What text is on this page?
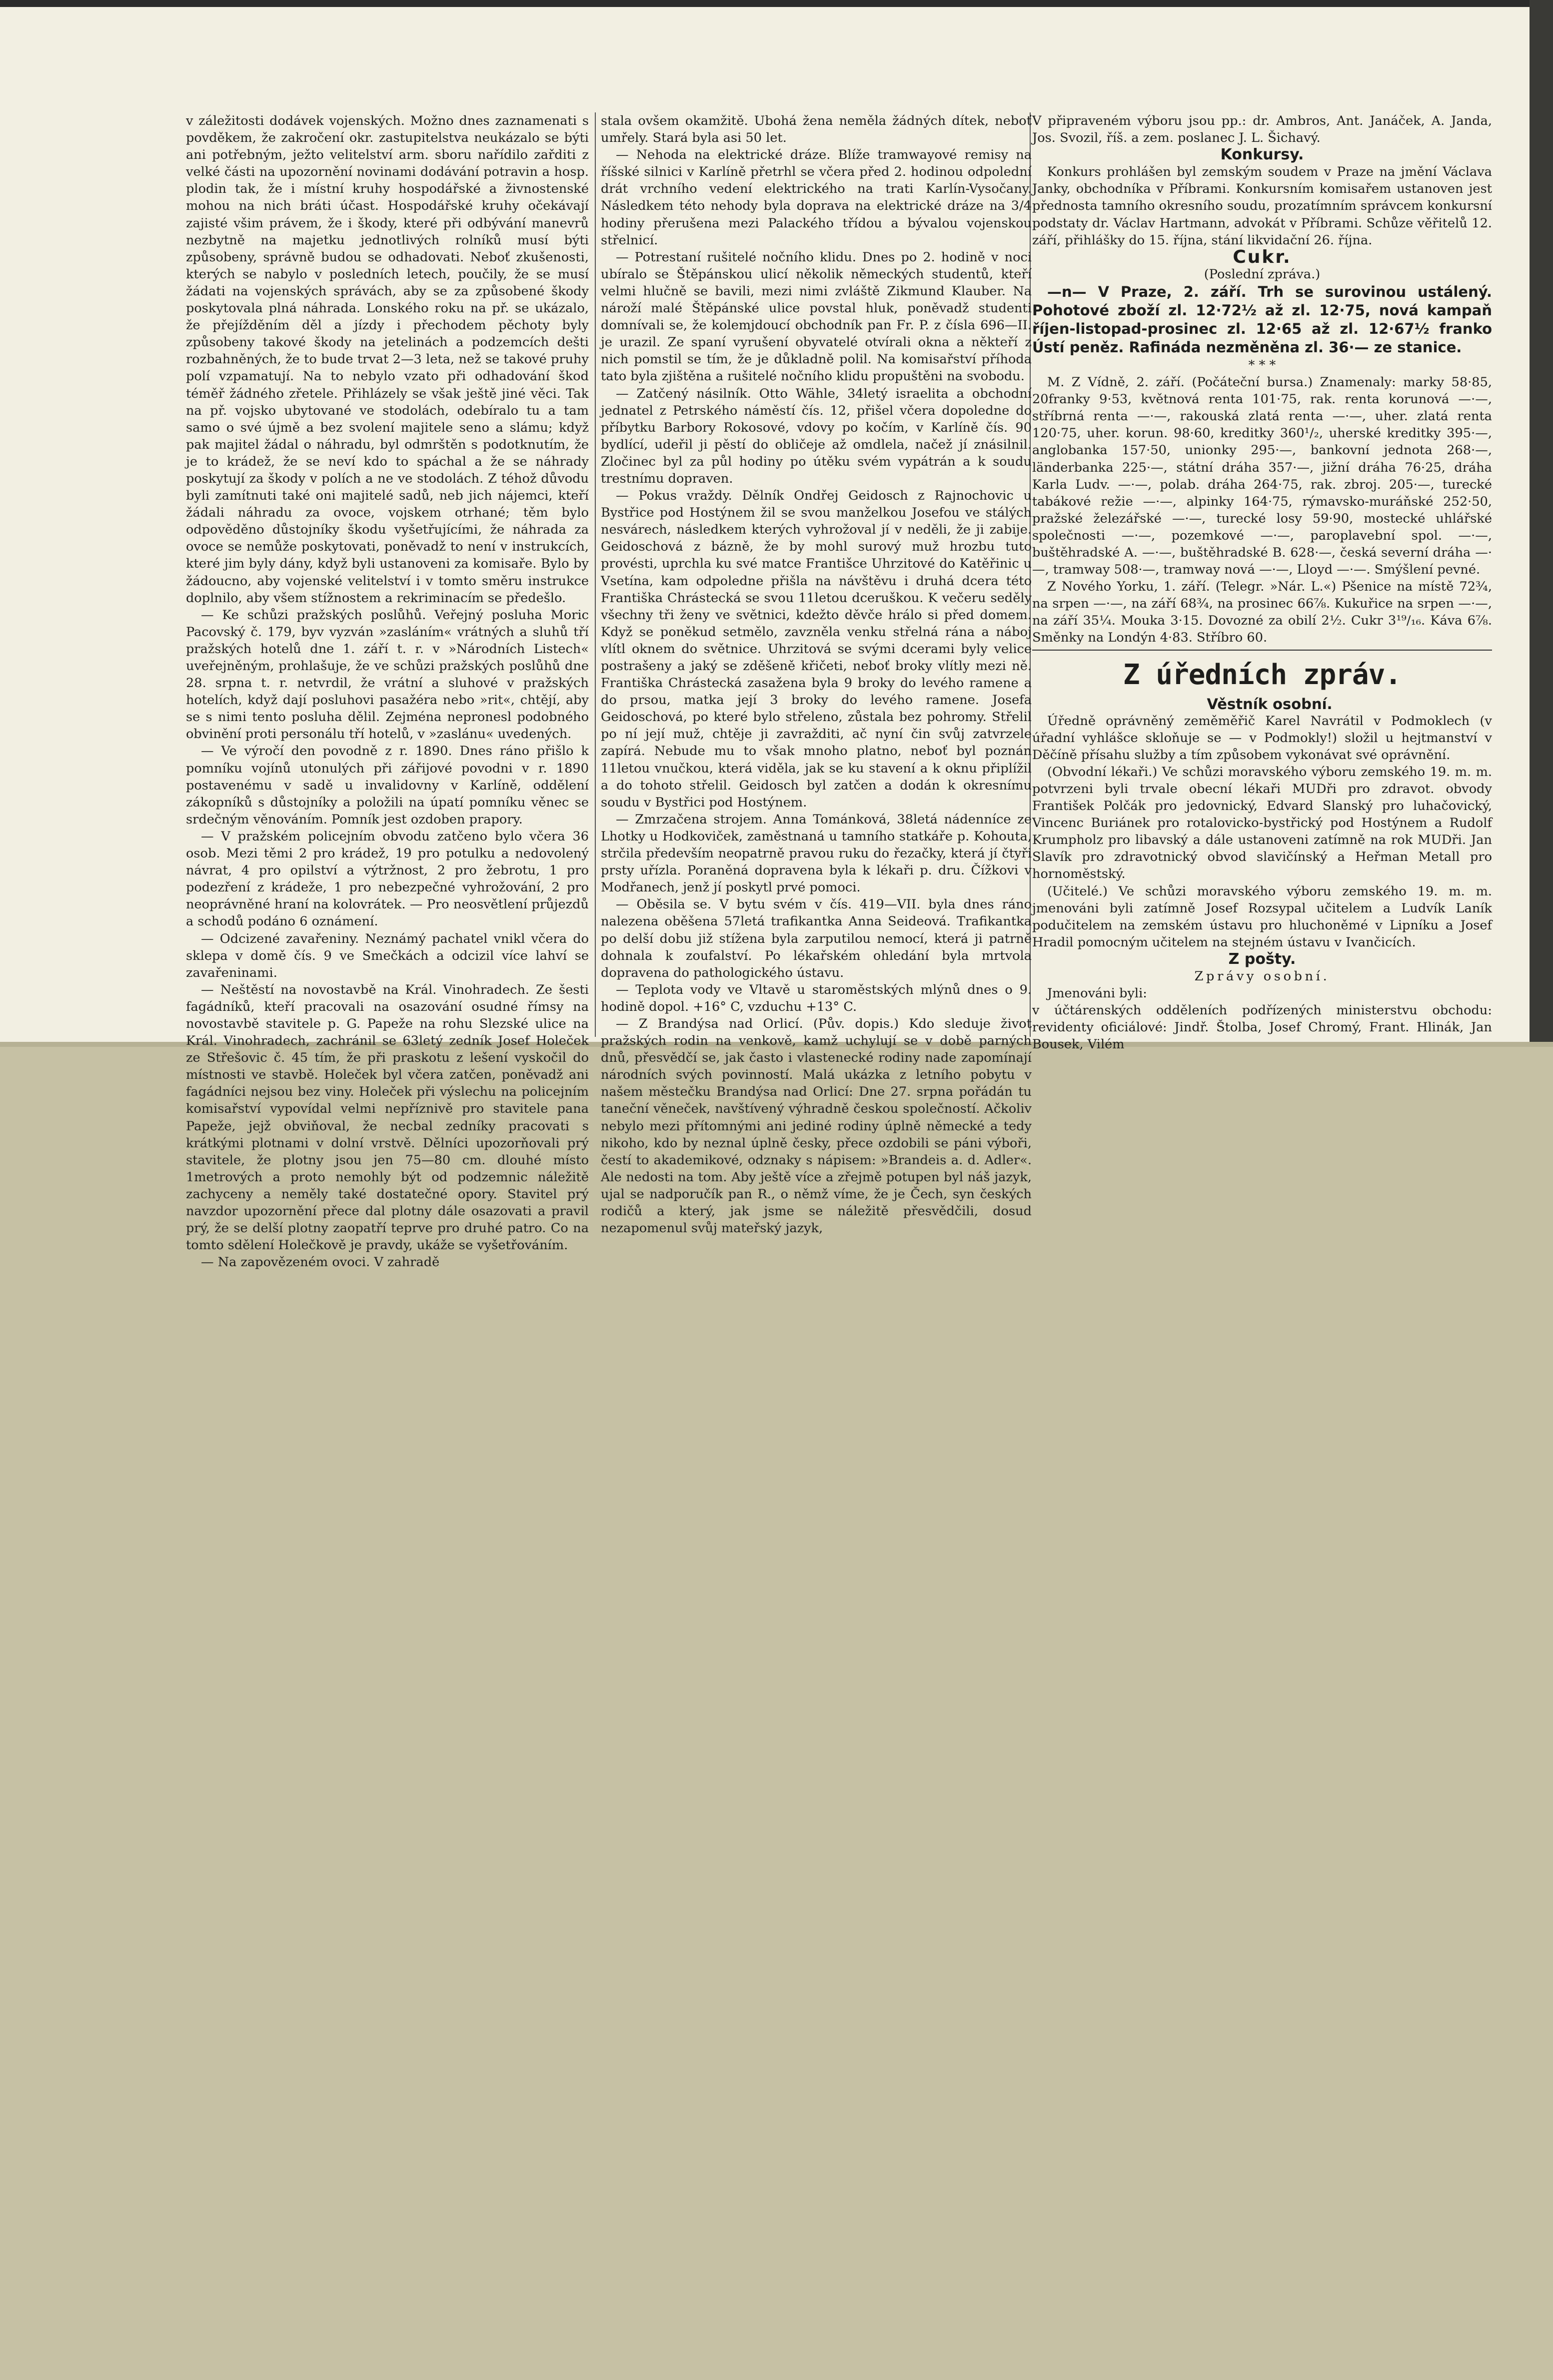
v záležitosti dodávek vojenských. Možno dnes zaznamenati s povděkem, že zakročení okr. zastupitelstva neukázalo se býti ani potřebným, ježto velitelství arm. sboru nařídilo zařditi z velké části na upozornění novinami dodávání potravin a hosp. plodin tak, že i místní kruhy hospodářské a živnostenské mohou na nich bráti účast. Hospodářské kruhy očekávají zajisté všim právem, že i škody, které při odbývání manevrů nezbytně na majetku jednotlivých rolníků musí býti způsobeny, správně budou se odhadovati. Neboť zkušenosti, kterých se nabylo v posledních letech, poučily, že se musí žádati na vojenských správách, aby se za způsobené škody poskytovala plná náhrada. Lonského roku na př. se ukázalo, že přejížděním děl a jízdy i přechodem pěchoty byly způsobeny takové škody na jetelinách a podzemcích dešti rozbahněných, že to bude trvat 2—3 leta, než se takové pruhy polí vzpamatují. Na to nebylo vzato při odhadování škod téměř žádného zřetele. Přihlázely se však ještě jiné věci. Tak na př. vojsko ubytované ve stodolách, odebíralo tu a tam samo o své újmě a bez svolení majitele seno a slámu; když pak majitel žádal o náhradu, byl odmrštěn s podotknutím, že je to krádež, že se neví kdo to spáchal a že se náhrady poskytují za škody v polích a ne ve stodolách. Z téhož důvodu byli zamítnuti také oni majitelé sadů, neb jich nájemci, kteří žádali náhradu za ovoce, vojskem otrhané; těm bylo odpověděno důstojníky škodu vyšetřujícími, že náhrada za ovoce se nemůže poskytovati, poněvadž to není v instrukcích, které jim byly dány, když byli ustanoveni za komisaře. Bylo by žádoucno, aby vojenské velitelství i v tomto směru instrukce doplnilo, aby všem stížnostem a rekriminacím se předešlo.

— Ke schůzi pražských poslůhů. Veřejný posluha Moric Pacovský č. 179, byv vyzván »zasláním« vrátných a sluhů tří pražských hotelů dne 1. září t. r. v »Národních Listech« uveřejněným, prohlašuje, že ve schůzi pražských poslůhů dne 28. srpna t. r. netvrdil, že vrátní a sluhové v pražských hotelích, když dají posluhovi pasažéra nebo »rit«, chtějí, aby se s nimi tento posluha dělil. Zejména nepronesl podobného obvinění proti personálu tří hotelů, v »zaslánu« uvedených.

— Ve výročí den povodně z r. 1890. Dnes ráno přišlo k pomníku vojínů utonulých při zářijové povodni v r. 1890 postavenému v sadě u invalidovny v Karlíně, oddělení zákopníků s důstojníky a položili na úpatí pomníku věnec se srdečným věnováním. Pomník jest ozdoben prapory.

— V pražském policejním obvodu zatčeno bylo včera 36 osob. Mezi těmi 2 pro krádež, 19 pro potulku a nedovolený návrat, 4 pro opilství a výtržnost, 2 pro žebrotu, 1 pro podezření z krádeže, 1 pro nebezpečné vyhrožování, 2 pro neoprávněné hraní na kolovrátek. — Pro neosvětlení průjezdů a schodů podáno 6 oznámení.

— Odcizené zavařeniny. Neznámý pachatel vnikl včera do sklepa v domě čís. 9 ve Smečkách a odcizil více lahví se zavařeninami.

— Neštěstí na novostavbě na Král. Vinohradech. Ze šesti fagádníků, kteří pracovali na osazování osudné římsy na novostavbě stavitele p. G. Papeže na rohu Slezské ulice na Král. Vinohradech, zachránil se 63letý zedník Josef Holeček ze Střešovic č. 45 tím, že při praskotu z lešení vyskočil do místnosti ve stavbě. Holeček byl včera zatčen, poněvadž ani fagádníci nejsou bez viny. Holeček při výslechu na policejním komisařství vypovídal velmi nepříznivě pro stavitele pana Papeže, jejž obviňoval, že necbal zedníky pracovati s krátkými plotnami v dolní vrstvě. Dělníci upozorňovali prý stavitele, že plotny jsou jen 75—80 cm. dlouhé místo 1metrových a proto nemohly být od podzemnic náležitě zachyceny a neměly také dostatečné opory. Stavitel prý navzdor upozornění přece dal plotny dále osazovati a pravil prý, že se delší plotny zaopatří teprve pro druhé patro. Co na tomto sdělení Holečkově je pravdy, ukáže se vyšetřováním.

— Na zapovězeném ovoci. V zahradě

stala ovšem okamžitě. Ubohá žena neměla žádných dítek, neboť umřely. Stará byla asi 50 let.

— Nehoda na elektrické dráze. Blíže tramwayové remisy na říšské silnici v Karlíně přetrhl se včera před 2. hodinou odpolední drát vrchního vedení elektrického na trati Karlín-Vysočany. Následkem této nehody byla doprava na elektrické dráze na 3/4 hodiny přerušena mezi Palackého třídou a bývalou vojenskou střelnicí.

— Potrestaní rušitelé nočního klidu. Dnes po 2. hodině v noci ubíralo se Štěpánskou ulicí několik německých studentů, kteří velmi hlučně se bavili, mezi nimi zvláště Zikmund Klauber. Na nároží malé Štěpánské ulice povstal hluk, poněvadž studenti domnívali se, že kolemjdoucí obchodník pan Fr. P. z čísla 696—II. je urazil. Ze spaní vyrušení obyvatelé otvírali okna a někteří z nich pomstil se tím, že je důkladně polil. Na komisařství příhoda tato byla zjištěna a rušitelé nočního klidu propuštěni na svobodu.

— Zatčený násilník. Otto Wähle, 34letý israelita a obchodní jednatel z Petrského náměstí čís. 12, přišel včera dopoledne do příbytku Barbory Rokosové, vdovy po kočím, v Karlíně čís. 90 bydlící, udeřil ji pěstí do obličeje až omdlela, načež jí znásilnil. Zločinec byl za půl hodiny po útěku svém vypátrán a k soudu trestnímu dopraven.

— Pokus vraždy. Dělník Ondřej Geidosch z Rajnochovic u Bystřice pod Hostýnem žil se svou manželkou Josefou ve stálých nesvárech, následkem kterých vyhrožoval jí v neděli, že ji zabije. Geidoschová z bázně, že by mohl surový muž hrozbu tuto provésti, uprchla ku své matce Františce Uhrzitové do Katěřinic u Vsetína, kam odpoledne přišla na návštěvu i druhá dcera této Františka Chrástecká se svou 11letou dceruškou. K večeru seděly všechny tři ženy ve světnici, kdežto děvče hrálo si před domem. Když se poněkud setmělo, zavzněla venku střelná rána a náboj vlítl oknem do světnice. Uhrzitová se svými dcerami byly velice postrašeny a jaký se zděšeně křičeti, neboť broky vlítly mezi ně. Františka Chrástecká zasažena byla 9 broky do levého ramene a do prsou, matka její 3 broky do levého ramene. Josefa Geidoschová, po které bylo střeleno, zůstala bez pohromy. Střelil po ní její muž, chtěje ji zavražditi, ač nyní čin svůj zatvrzele zapírá. Nebude mu to však mnoho platno, neboť byl poznán 11letou vnučkou, která viděla, jak se ku stavení a k oknu připlížil a do tohoto střelil. Geidosch byl zatčen a dodán k okresnímu soudu v Bystřici pod Hostýnem.

— Zmrzačena strojem. Anna Tománková, 38letá nádenníce ze Lhotky u Hodkoviček, zaměstnaná u tamního statkáře p. Kohouta, strčila především neopatrně pravou ruku do řezačky, která jí čtyři prsty uřízla. Poraněná dopravena byla k lékaři p. dru. Čížkovi v Modřanech, jenž jí poskytl prvé pomoci.

— Oběsila se. V bytu svém v čís. 419—VII. byla dnes ráno nalezena oběšena 57letá trafikantka Anna Seideová. Trafikantka po delší dobu již stížena byla zarputilou nemocí, která ji patrně dohnala k zoufalství. Po lékařském ohledání byla mrtvola dopravena do pathologického ústavu.

— Teplota vody ve Vltavě u staroměstských mlýnů dnes o 9. hodině dopol. +16° C, vzduchu +13° C.

— Z Brandýsa nad Orlicí. (Pův. dopis.) Kdo sleduje život pražských rodin na venkově, kamž uchylují se v době parných dnů, přesvědčí se, jak často i vlastenecké rodiny nade zapomínají národních svých povinností. Malá ukázka z letního pobytu v našem městečku Brandýsa nad Orlicí: Dne 27. srpna pořádán tu taneční věneček, navštívený výhradně českou společností. Ačkoliv nebylo mezi přítomnými ani jediné rodiny úplně německé a tedy nikoho, kdo by neznal úplně česky, přece ozdobili se páni výboři, čestí to akademikové, odznaky s nápisem: »Brandeis a. d. Adler«. Ale nedosti na tom. Aby ještě více a zřejmě potupen byl náš jazyk, ujal se nadporučík pan R., o němž víme, že je Čech, syn českých rodičů a který, jak jsme se náležitě přesvědčili, dosud nezapomenul svůj mateřský jazyk,

V připraveném výboru jsou pp.: dr. Ambros, Ant. Janáček, A. Janda, Jos. Svozil, říš. a zem. poslanec J. L. Šichavý.

Konkursy.

Konkurs prohlášen byl zemským soudem v Praze na jmění Václava Janky, obchodníka v Příbrami. Konkursním komisařem ustanoven jest přednosta tamního okresního soudu, prozatímním správcem konkursní podstaty dr. Václav Hartmann, advokát v Příbrami. Schůze věřitelů 12. září, přihlášky do 15. října, stání likvidační 26. října.

Cukr.

(Poslední zpráva.)

—n— V Praze, 2. září. Trh se surovinou ustálený. Pohotové zboží zl. 12·72½ až zl. 12·75, nová kampaň říjen-listopad-prosinec zl. 12·65 až zl. 12·67½ franko Ústí peněz. Rafináda nezměněna zl. 36·— ze stanice.

* * *

M. Z Vídně, 2. září. (Počáteční bursa.) Znamenaly: marky 58·85, 20franky 9·53, květnová renta 101·75, rak. renta korunová —·—, stříbrná renta —·—, rakouská zlatá renta —·—, uher. zlatá renta 120·75, uher. korun. 98·60, kreditky 360¹/₂, uherské kreditky 395·—, anglobanka 157·50, unionky 295·—, bankovní jednota 268·—, länderbanka 225·—, státní dráha 357·—, jižní dráha 76·25, dráha Karla Ludv. —·—, polab. dráha 264·75, rak. zbroj. 205·—, turecké tabákové režie —·—, alpinky 164·75, rýmavsko-muráňské 252·50, pražské železářské —·—, turecké losy 59·90, mostecké uhlářské společnosti —·—, pozemkové —·—, paroplavební spol. —·—, buštěhradské A. —·—, buštěhradské B. 628·—, česká severní dráha —·—, tramway 508·—, tramway nová —·—, Lloyd —·—. Smýšlení pevné.

Z Nového Yorku, 1. září. (Telegr. »Nár. L.«) Pšenice na místě 72¾, na srpen —·—, na září 68¾, na prosinec 66⅞. Kukuřice na srpen —·—, na září 35¼. Mouka 3·15. Dovozné za obilí 2½. Cukr 3¹⁹/₁₆. Káva 6⅞. Směnky na Londýn 4·83. Stříbro 60.

Z úředních zpráv.

Věstník osobní.

Úředně oprávněný zeměměřič Karel Navrátil v Podmoklech (v úřadní vyhlášce skloňuje se — v Podmokly!) složil u hejtmanství v Děčíně přísahu služby a tím způsobem vykonávat své oprávnění.

(Obvodní lékaři.) Ve schůzi moravského výboru zemského 19. m. m. potvrzeni byli trvale obecní lékaři MUDři pro zdravot. obvody František Polčák pro jedovnický, Edvard Slanský pro luhačovický, Vincenc Buriánek pro rotalovicko-bystřický pod Hostýnem a Rudolf Krumpholz pro libavský a dále ustanoveni zatímně na rok MUDři. Jan Slavík pro zdravotnický obvod slavičínský a Heřman Metall pro hornoměstský.

(Učitelé.) Ve schůzi moravského výboru zemského 19. m. m. jmenováni byli zatímně Josef Rozsypal učitelem a Ludvík Laník podučitelem na zemském ústavu pro hluchoněmé v Lipníku a Josef Hradil pomocným učitelem na stejném ústavu v Ivančicích.

Z pošty.

Zprávy osobní.

Jmenováni byli:

v účtárenských odděleních podřízených ministerstvu obchodu: revidenty oficiálové: Jindř. Štolba, Josef Chromý, Frant. Hlinák, Jan Bousek, Vilém
